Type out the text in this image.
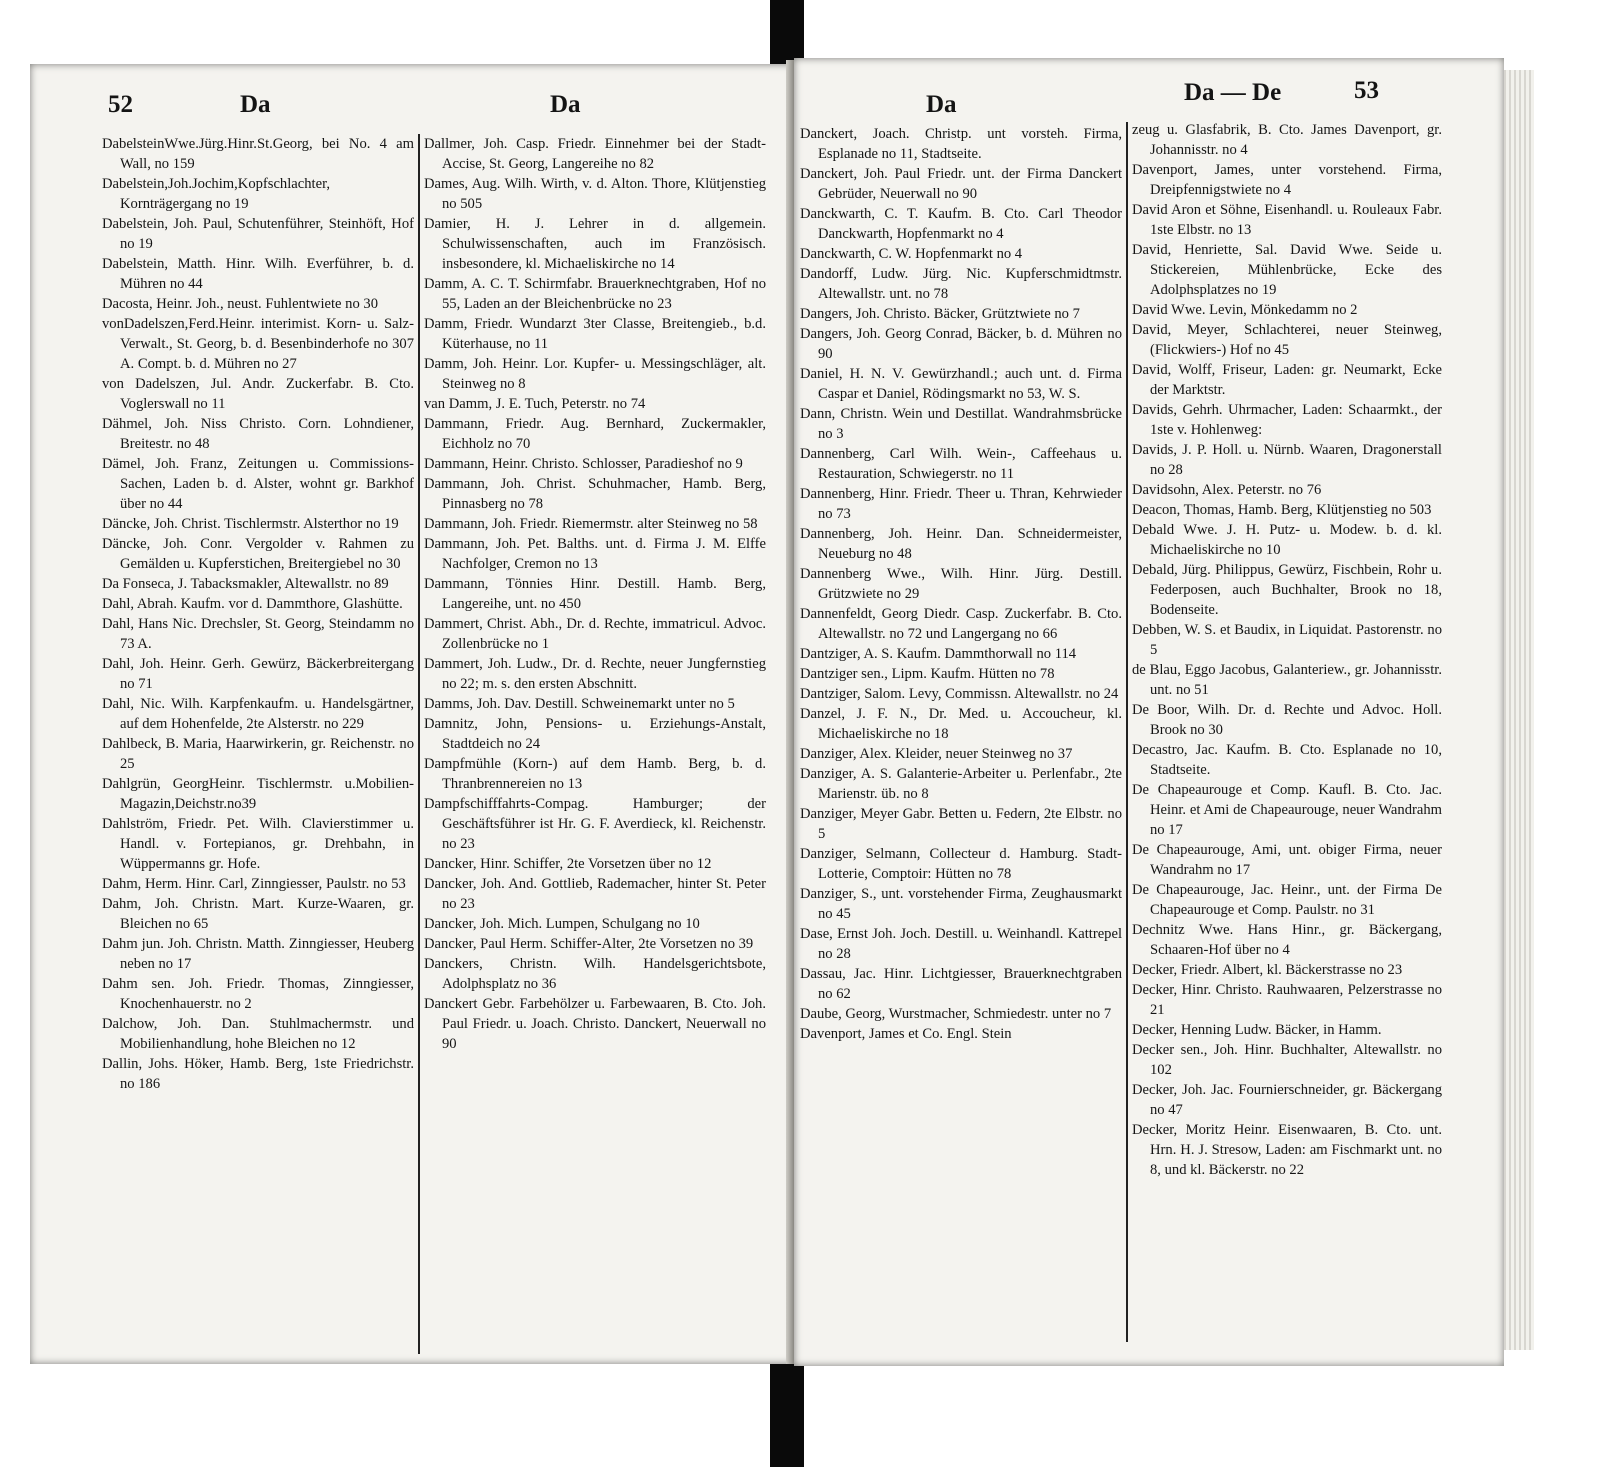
52	Da	Da

DabelsteinWwe.Jürg.Hinr.St.Georg, bei No. 4 am Wall, no 159

Dabelstein,Joh.Jochim,Kopfschlachter, Kornträgergang no 19

Dabelstein, Joh. Paul, Schutenführer, Steinhöft, Hof no 19

Dabelstein, Matth. Hinr. Wilh. Everführer, b. d. Mühren no 44

Dacosta, Heinr. Joh., neust. Fuhlentwiete no 30

vonDadelszen,Ferd.Heinr. interimist. Korn- u. Salz-Verwalt., St. Georg, b. d. Besenbinderhofe no 307 A. Compt. b. d. Mühren no 27

von Dadelszen, Jul. Andr. Zuckerfabr. B. Cto. Voglerswall no 11

Dähmel, Joh. Niss Christo. Corn. Lohndiener, Breitestr. no 48

Dämel, Joh. Franz, Zeitungen u. Commissions-Sachen, Laden b. d. Alster, wohnt gr. Barkhof über no 44

Däncke, Joh. Christ. Tischlermstr. Alsterthor no 19

Däncke, Joh. Conr. Vergolder v. Rahmen zu Gemälden u. Kupferstichen, Breitergiebel no 30

Da Fonseca, J. Tabacksmakler, Altewallstr. no 89

Dahl, Abrah. Kaufm. vor d. Dammthore, Glashütte.

Dahl, Hans Nic. Drechsler, St. Georg, Steindamm no 73 A.

Dahl, Joh. Heinr. Gerh. Gewürz, Bäckerbreitergang no 71

Dahl, Nic. Wilh. Karpfenkaufm. u. Handelsgärtner, auf dem Hohenfelde, 2te Alsterstr. no 229

Dahlbeck, B. Maria, Haarwirkerin, gr. Reichenstr. no 25

Dahlgrün, GeorgHeinr. Tischlermstr. u.Mobilien-Magazin,Deichstr.no39

Dahlström, Friedr. Pet. Wilh. Clavierstimmer u. Handl. v. Fortepianos, gr. Drehbahn, in Wüppermanns gr. Hofe.

Dahm, Herm. Hinr. Carl, Zinngiesser, Paulstr. no 53

Dahm, Joh. Christn. Mart. Kurze-Waaren, gr. Bleichen no 65

Dahm jun. Joh. Christn. Matth. Zinngiesser, Heuberg neben no 17

Dahm sen. Joh. Friedr. Thomas, Zinngiesser, Knochenhauerstr. no 2

Dalchow, Joh. Dan. Stuhlmachermstr. und Mobilienhandlung, hohe Bleichen no 12

Dallin, Johs. Höker, Hamb. Berg, 1ste Friedrichstr. no 186

Dallmer, Joh. Casp. Friedr. Einnehmer bei der Stadt-Accise, St. Georg, Langereihe no 82

Dames, Aug. Wilh. Wirth, v. d. Alton. Thore, Klütjenstieg no 505

Damier, H. J. Lehrer in d. allgemein. Schulwissenschaften, auch im Französisch. insbesondere, kl. Michaeliskirche no 14

Damm, A. C. T. Schirmfabr. Brauerknechtgraben, Hof no 55, Laden an der Bleichenbrücke no 23

Damm, Friedr. Wundarzt 3ter Classe, Breitengieb., b.d. Küterhause, no 11

Damm, Joh. Heinr. Lor. Kupfer- u. Messingschläger, alt. Steinweg no 8

van Damm, J. E. Tuch, Peterstr. no 74

Dammann, Friedr. Aug. Bernhard, Zuckermakler, Eichholz no 70

Dammann, Heinr. Christo. Schlosser, Paradieshof no 9

Dammann, Joh. Christ. Schuhmacher, Hamb. Berg, Pinnasberg no 78

Dammann, Joh. Friedr. Riemermstr. alter Steinweg no 58

Dammann, Joh. Pet. Balths. unt. d. Firma J. M. Elffe Nachfolger, Cremon no 13

Dammann, Tönnies Hinr. Destill. Hamb. Berg, Langereihe, unt. no 450

Dammert, Christ. Abh., Dr. d. Rechte, immatricul. Advoc. Zollenbrücke no 1

Dammert, Joh. Ludw., Dr. d. Rechte, neuer Jungfernstieg no 22; m. s. den ersten Abschnitt.

Damms, Joh. Dav. Destill. Schweinemarkt unter no 5

Damnitz, John, Pensions- u. Erziehungs-Anstalt, Stadtdeich no 24

Dampfmühle (Korn-) auf dem Hamb. Berg, b. d. Thranbrennereien no 13

Dampfschifffahrts-Compag. Hamburger; der Geschäftsführer ist Hr. G. F. Averdieck, kl. Reichenstr. no 23

Dancker, Hinr. Schiffer, 2te Vorsetzen über no 12

Dancker, Joh. And. Gottlieb, Rademacher, hinter St. Peter no 23

Dancker, Joh. Mich. Lumpen, Schulgang no 10

Dancker, Paul Herm. Schiffer-Alter, 2te Vorsetzen no 39

Danckers, Christn. Wilh. Handelsgerichtsbote, Adolphsplatz no 36

Danckert Gebr. Farbehölzer u. Farbewaaren, B. Cto. Joh. Paul Friedr. u. Joach. Christo. Danckert, Neuerwall no 90

Da	Da — De	53

Danckert, Joach. Christp. unt vorsteh. Firma, Esplanade no 11, Stadtseite.

Danckert, Joh. Paul Friedr. unt. der Firma Danckert Gebrüder, Neuerwall no 90

Danckwarth, C. T. Kaufm. B. Cto. Carl Theodor Danckwarth, Hopfenmarkt no 4

Danckwarth, C. W. Hopfenmarkt no 4

Dandorff, Ludw. Jürg. Nic. Kupferschmidtmstr. Altewallstr. unt. no 78

Dangers, Joh. Christo. Bäcker, Grütztwiete no 7

Dangers, Joh. Georg Conrad, Bäcker, b. d. Mühren no 90

Daniel, H. N. V. Gewürzhandl.; auch unt. d. Firma Caspar et Daniel, Rödingsmarkt no 53, W. S.

Dann, Christn. Wein und Destillat. Wandrahmsbrücke no 3

Dannenberg, Carl Wilh. Wein-, Caffeehaus u. Restauration, Schwiegerstr. no 11

Dannenberg, Hinr. Friedr. Theer u. Thran, Kehrwieder no 73

Dannenberg, Joh. Heinr. Dan. Schneidermeister, Neueburg no 48

Dannenberg Wwe., Wilh. Hinr. Jürg. Destill. Grützwiete no 29

Dannenfeldt, Georg Diedr. Casp. Zuckerfabr. B. Cto. Altewallstr. no 72 und Langergang no 66

Dantziger, A. S. Kaufm. Dammthorwall no 114

Dantziger sen., Lipm. Kaufm. Hütten no 78

Dantziger, Salom. Levy, Commissn. Altewallstr. no 24

Danzel, J. F. N., Dr. Med. u. Accoucheur, kl. Michaeliskirche no 18

Danziger, Alex. Kleider, neuer Steinweg no 37

Danziger, A. S. Galanterie-Arbeiter u. Perlenfabr., 2te Marienstr. üb. no 8

Danziger, Meyer Gabr. Betten u. Federn, 2te Elbstr. no 5

Danziger, Selmann, Collecteur d. Hamburg. Stadt-Lotterie, Comptoir: Hütten no 78

Danziger, S., unt. vorstehender Firma, Zeughausmarkt no 45

Dase, Ernst Joh. Joch. Destill. u. Weinhandl. Kattrepel no 28

Dassau, Jac. Hinr. Lichtgiesser, Brauerknechtgraben no 62

Daube, Georg, Wurstmacher, Schmiedestr. unter no 7

Davenport, James et Co. Engl. Stein

zeug u. Glasfabrik, B. Cto. James Davenport, gr. Johannisstr. no 4

Davenport, James, unter vorstehend. Firma, Dreipfennigstwiete no 4

David Aron et Söhne, Eisenhandl. u. Rouleaux Fabr. 1ste Elbstr. no 13

David, Henriette, Sal. David Wwe. Seide u. Stickereien, Mühlenbrücke, Ecke des Adolphsplatzes no 19

David Wwe. Levin, Mönkedamm no 2

David, Meyer, Schlachterei, neuer Steinweg, (Flickwiers-) Hof no 45

David, Wolff, Friseur, Laden: gr. Neumarkt, Ecke der Marktstr.

Davids, Gehrh. Uhrmacher, Laden: Schaarmkt., der 1ste v. Hohlenweg:

Davids, J. P. Holl. u. Nürnb. Waaren, Dragonerstall no 28

Davidsohn, Alex. Peterstr. no 76

Deacon, Thomas, Hamb. Berg, Klütjenstieg no 503

Debald Wwe. J. H. Putz- u. Modew. b. d. kl. Michaeliskirche no 10

Debald, Jürg. Philippus, Gewürz, Fischbein, Rohr u. Federposen, auch Buchhalter, Brook no 18, Bodenseite.

Debben, W. S. et Baudix, in Liquidat. Pastorenstr. no 5

de Blau, Eggo Jacobus, Galanteriew., gr. Johannisstr. unt. no 51

De Boor, Wilh. Dr. d. Rechte und Advoc. Holl. Brook no 30

Decastro, Jac. Kaufm. B. Cto. Esplanade no 10, Stadtseite.

De Chapeaurouge et Comp. Kaufl. B. Cto. Jac. Heinr. et Ami de Chapeaurouge, neuer Wandrahm no 17

De Chapeaurouge, Ami, unt. obiger Firma, neuer Wandrahm no 17

De Chapeaurouge, Jac. Heinr., unt. der Firma De Chapeaurouge et Comp. Paulstr. no 31

Dechnitz Wwe. Hans Hinr., gr. Bäckergang, Schaaren-Hof über no 4

Decker, Friedr. Albert, kl. Bäckerstrasse no 23

Decker, Hinr. Christo. Rauhwaaren, Pelzerstrasse no 21

Decker, Henning Ludw. Bäcker, in Hamm.

Decker sen., Joh. Hinr. Buchhalter, Altewallstr. no 102

Decker, Joh. Jac. Fournierschneider, gr. Bäckergang no 47

Decker, Moritz Heinr. Eisenwaaren, B. Cto. unt. Hrn. H. J. Stresow, Laden: am Fischmarkt unt. no 8, und kl. Bäckerstr. no 22
